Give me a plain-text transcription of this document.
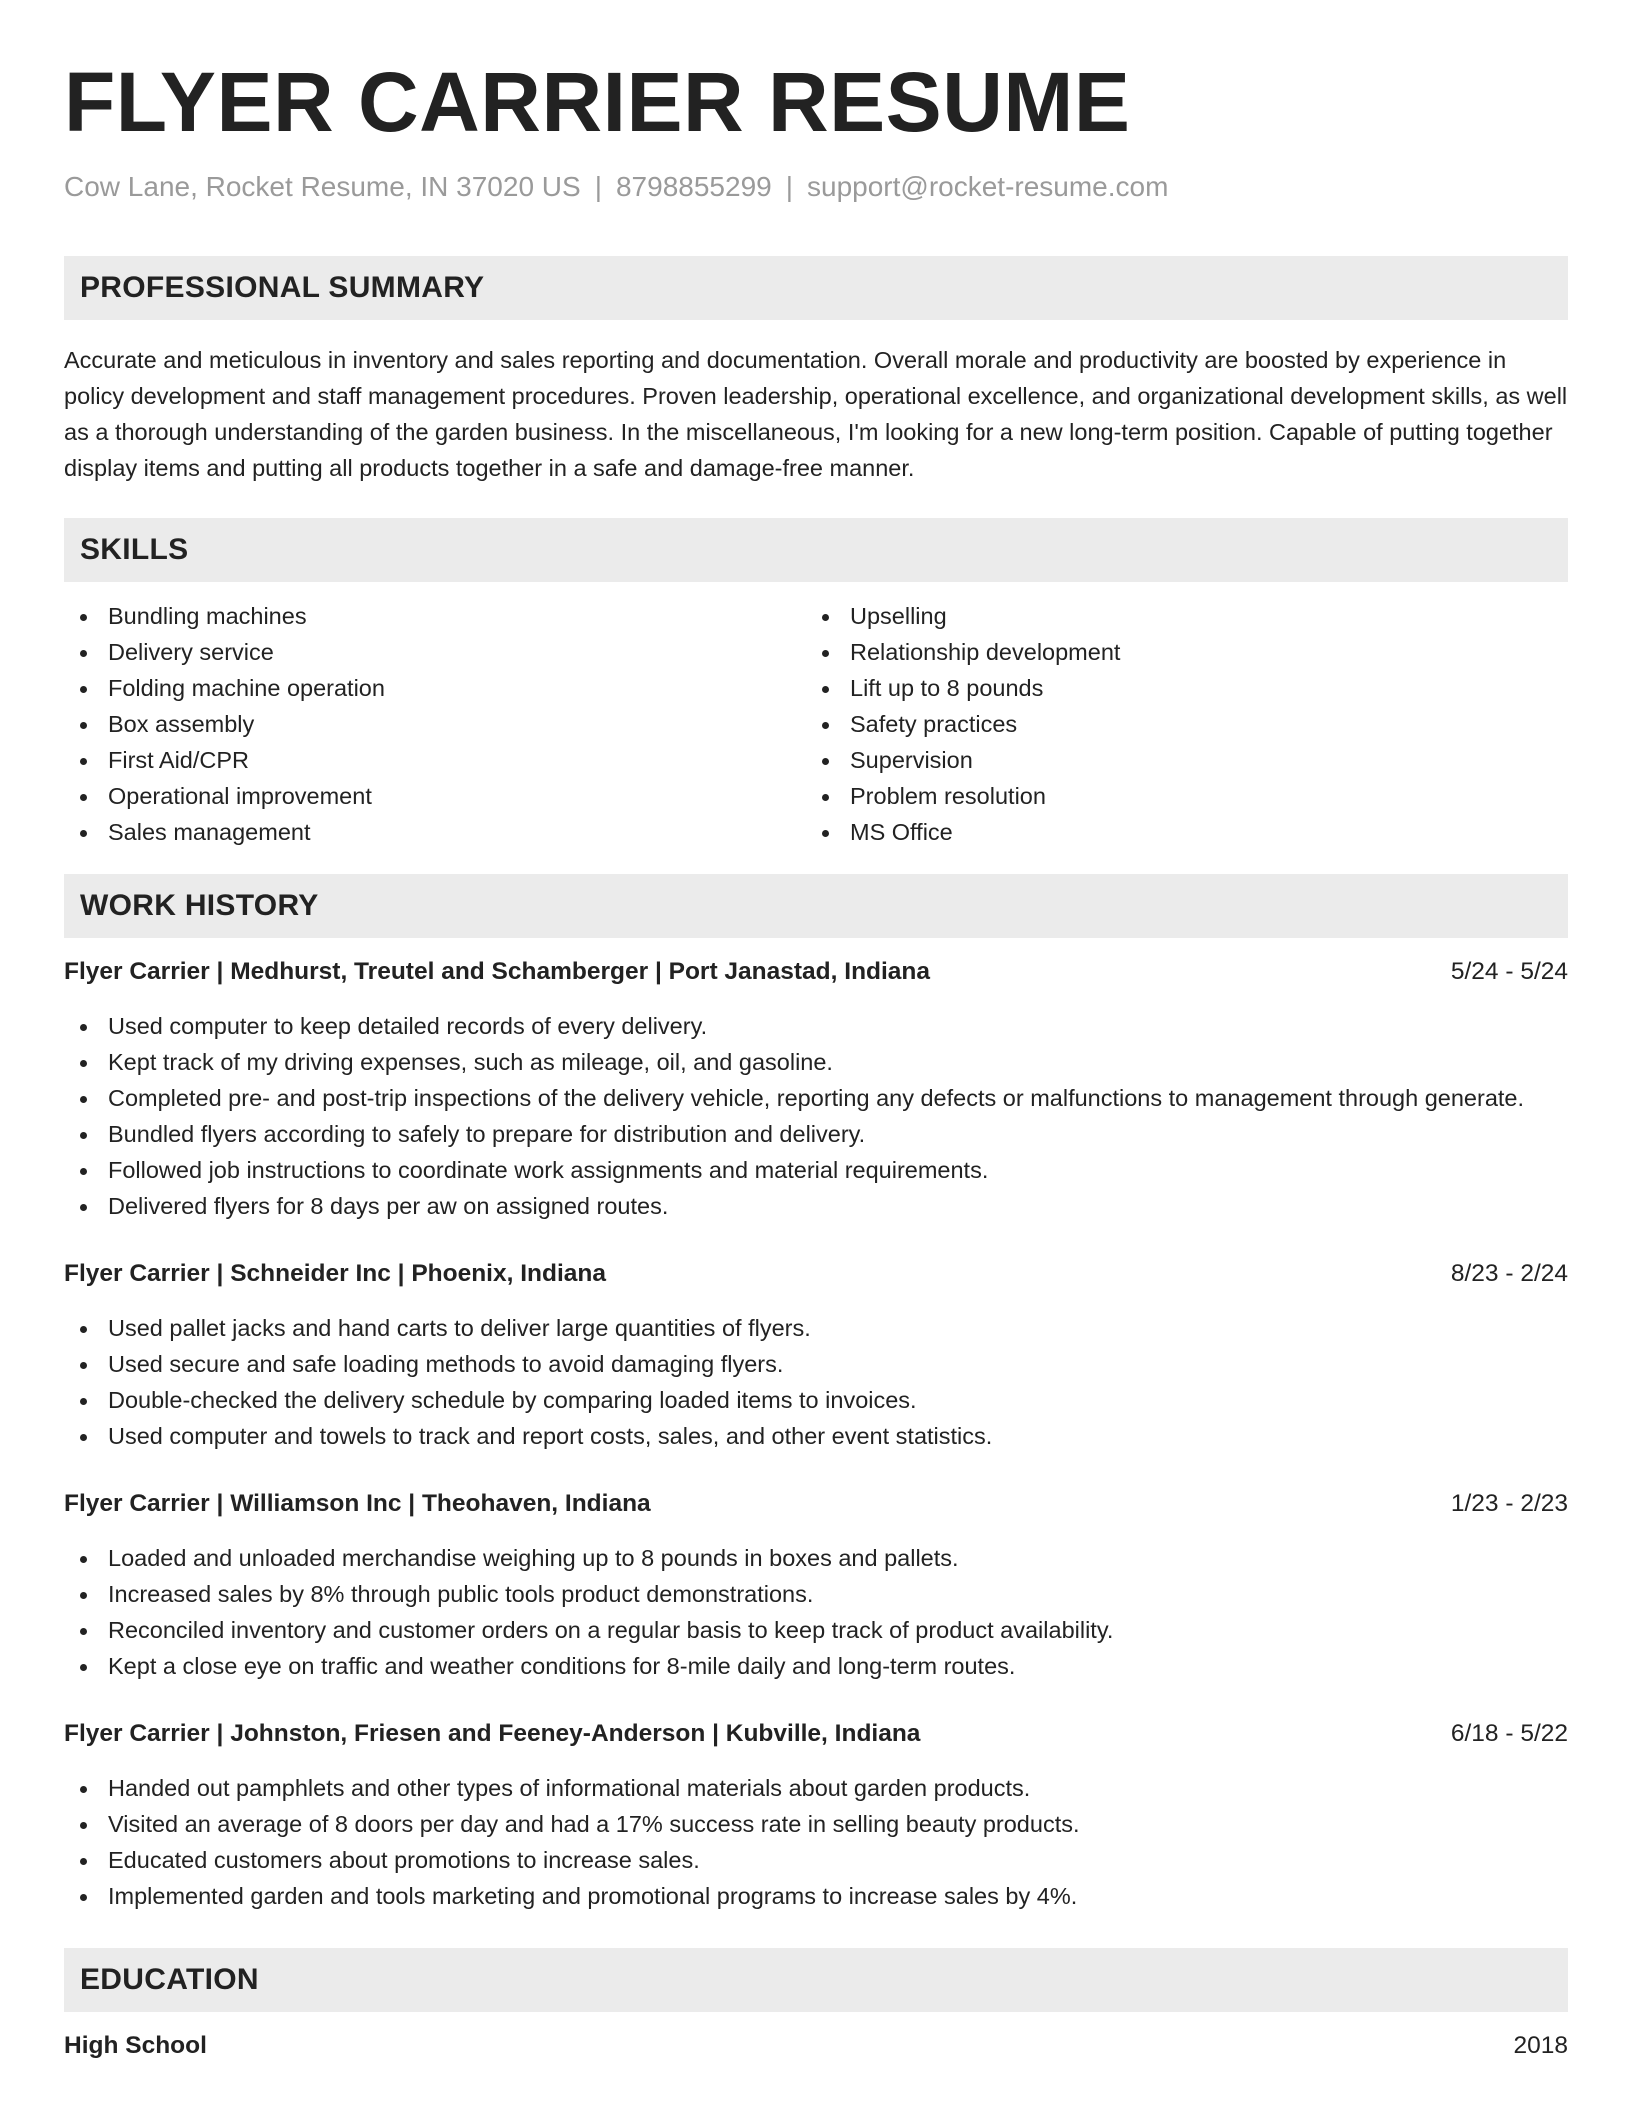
FLYER CARRIER RESUME
Cow Lane, Rocket Resume, IN 37020 US | 8798855299 | support@rocket-resume.com
PROFESSIONAL SUMMARY

Accurate and meticulous in inventory and sales reporting and documentation. Overall morale and productivity are boosted by experience in policy development and staff management procedures. Proven leadership, operational excellence, and organizational development skills, as well as a thorough understanding of the garden business. In the miscellaneous, I'm looking for a new long-term position. Capable of putting together display items and putting all products together in a safe and damage-free manner.

SKILLS
Bundling machines
Delivery service
Folding machine operation
Box assembly
First Aid/CPR
Operational improvement
Sales management
Upselling
Relationship development
Lift up to 8 pounds
Safety practices
Supervision
Problem resolution
MS Office
WORK HISTORY
Flyer Carrier | Medhurst, Treutel and Schamberger | Port Janastad, Indiana	5/24 - 5/24
Used computer to keep detailed records of every delivery.
Kept track of my driving expenses, such as mileage, oil, and gasoline.
Completed pre- and post-trip inspections of the delivery vehicle, reporting any defects or malfunctions to management through generate.
Bundled flyers according to safely to prepare for distribution and delivery.
Followed job instructions to coordinate work assignments and material requirements.
Delivered flyers for 8 days per aw on assigned routes.
Flyer Carrier | Schneider Inc | Phoenix, Indiana	8/23 - 2/24
Used pallet jacks and hand carts to deliver large quantities of flyers.
Used secure and safe loading methods to avoid damaging flyers.
Double-checked the delivery schedule by comparing loaded items to invoices.
Used computer and towels to track and report costs, sales, and other event statistics.
Flyer Carrier | Williamson Inc | Theohaven, Indiana	1/23 - 2/23
Loaded and unloaded merchandise weighing up to 8 pounds in boxes and pallets.
Increased sales by 8% through public tools product demonstrations.
Reconciled inventory and customer orders on a regular basis to keep track of product availability.
Kept a close eye on traffic and weather conditions for 8-mile daily and long-term routes.
Flyer Carrier | Johnston, Friesen and Feeney-Anderson | Kubville, Indiana	6/18 - 5/22
Handed out pamphlets and other types of informational materials about garden products.
Visited an average of 8 doors per day and had a 17% success rate in selling beauty products.
Educated customers about promotions to increase sales.
Implemented garden and tools marketing and promotional programs to increase sales by 4%.
EDUCATION
High School	2018
